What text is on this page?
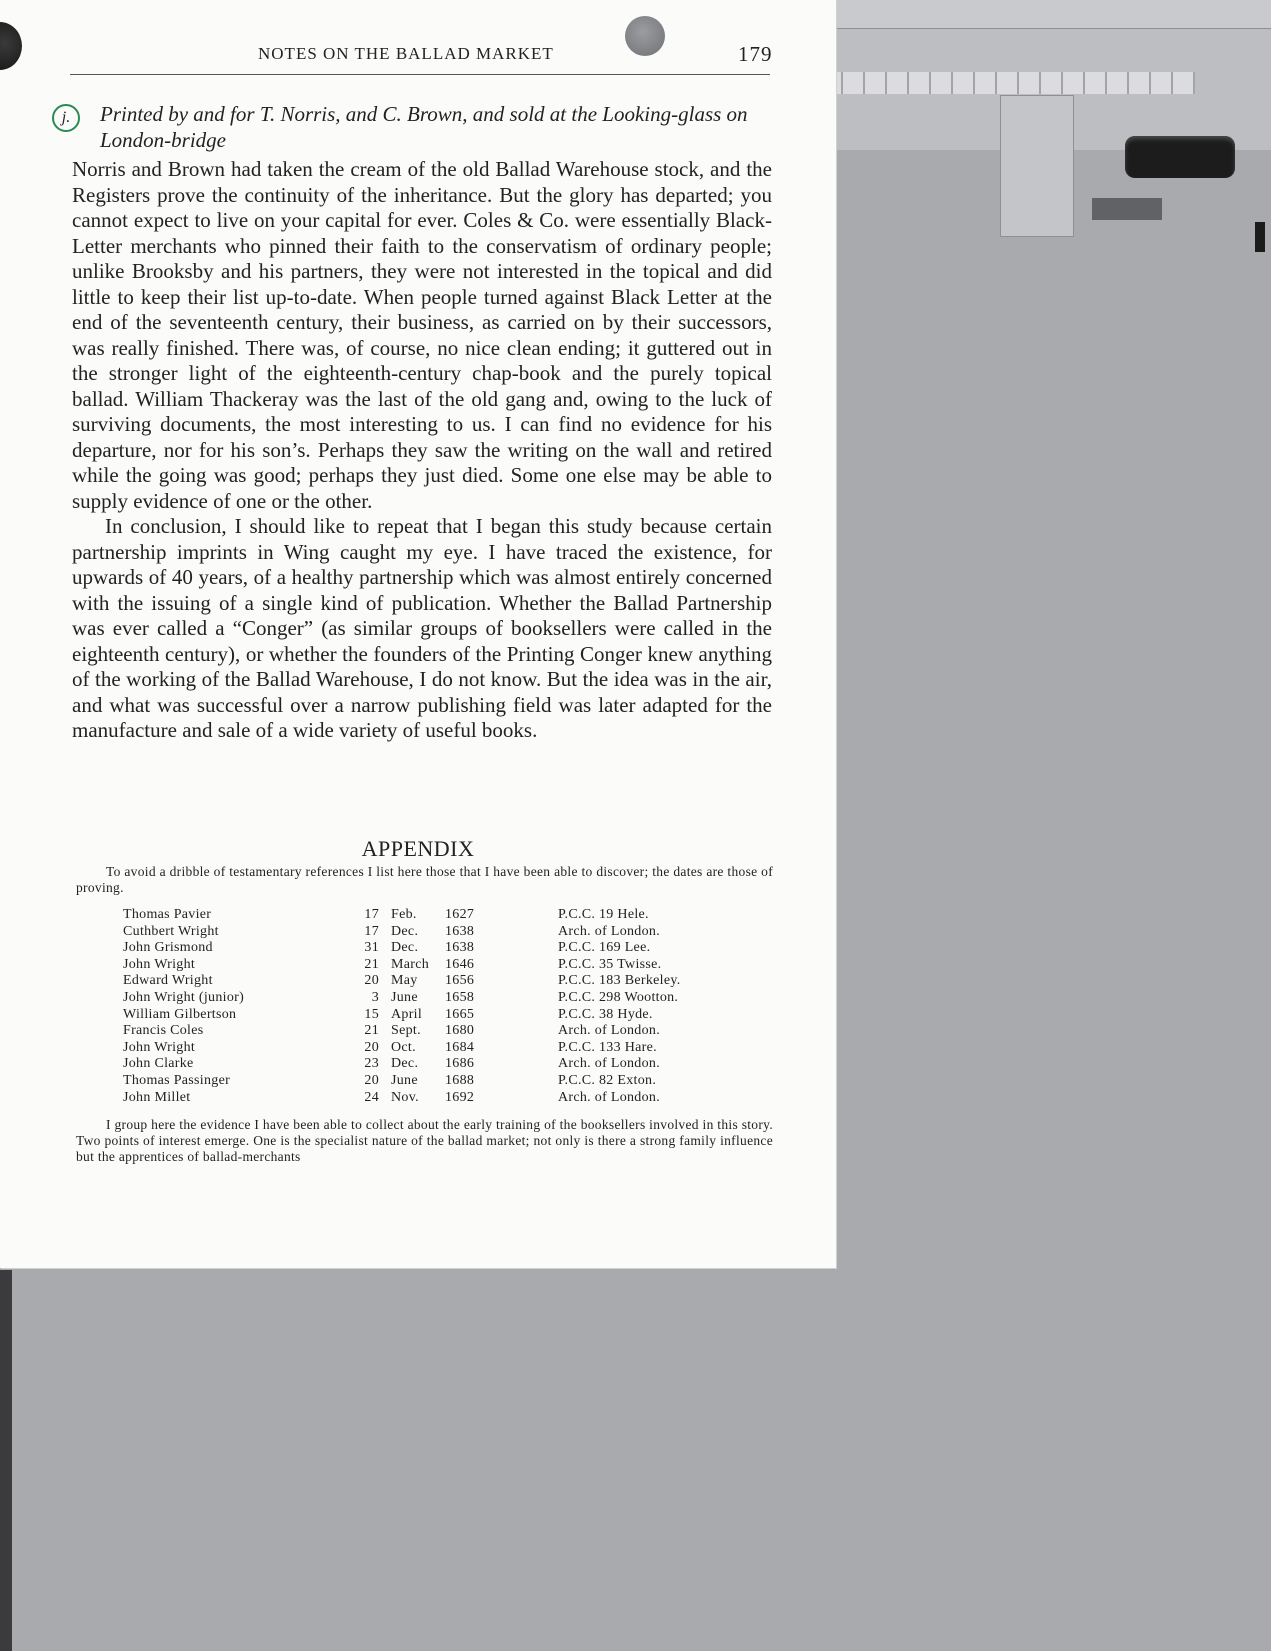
NOTES ON THE BALLAD MARKET	179
j.	Printed by and for T. Norris, and C. Brown, and sold at the Looking-glass on London-bridge

Norris and Brown had taken the cream of the old Ballad Warehouse stock, and the Registers prove the continuity of the inheritance. But the glory has departed; you cannot expect to live on your capital for ever. Coles & Co. were essentially Black-Letter merchants who pinned their faith to the conservatism of ordinary people; unlike Brooksby and his partners, they were not interested in the topical and did little to keep their list up-to-date. When people turned against Black Letter at the end of the seventeenth century, their business, as carried on by their successors, was really finished. There was, of course, no nice clean ending; it guttered out in the stronger light of the eighteenth-century chap-book and the purely topical ballad. William Thackeray was the last of the old gang and, owing to the luck of surviving documents, the most interesting to us. I can find no evidence for his departure, nor for his son’s. Perhaps they saw the writing on the wall and retired while the going was good; perhaps they just died. Some one else may be able to supply evidence of one or the other.

In conclusion, I should like to repeat that I began this study because certain partnership imprints in Wing caught my eye. I have traced the existence, for upwards of 40 years, of a healthy partnership which was almost entirely concerned with the issuing of a single kind of publication. Whether the Ballad Partnership was ever called a “Conger” (as similar groups of booksellers were called in the eighteenth century), or whether the founders of the Printing Conger knew anything of the working of the Ballad Warehouse, I do not know. But the idea was in the air, and what was successful over a narrow publishing field was later adapted for the manufacture and sale of a wide variety of useful books.

APPENDIX

To avoid a dribble of testamentary references I list here those that I have been able to discover; the dates are those of proving.

Thomas Pavier	17 Feb. 1627	P.C.C. 19 Hele.
Cuthbert Wright	17 Dec. 1638	Arch. of London.
John Grismond	31 Dec. 1638	P.C.C. 169 Lee.
John Wright	21 March 1646	P.C.C. 35 Twisse.
Edward Wright	20 May 1656	P.C.C. 183 Berkeley.
John Wright (junior)	3 June 1658	P.C.C. 298 Wootton.
William Gilbertson	15 April 1665	P.C.C. 38 Hyde.
Francis Coles	21 Sept. 1680	Arch. of London.
John Wright	20 Oct. 1684	P.C.C. 133 Hare.
John Clarke	23 Dec. 1686	Arch. of London.
Thomas Passinger	20 June 1688	P.C.C. 82 Exton.
John Millet	24 Nov. 1692	Arch. of London.

I group here the evidence I have been able to collect about the early training of the booksellers involved in this story. Two points of interest emerge. One is the specialist nature of the ballad market; not only is there a strong family influence but the apprentices of ballad-merchants
